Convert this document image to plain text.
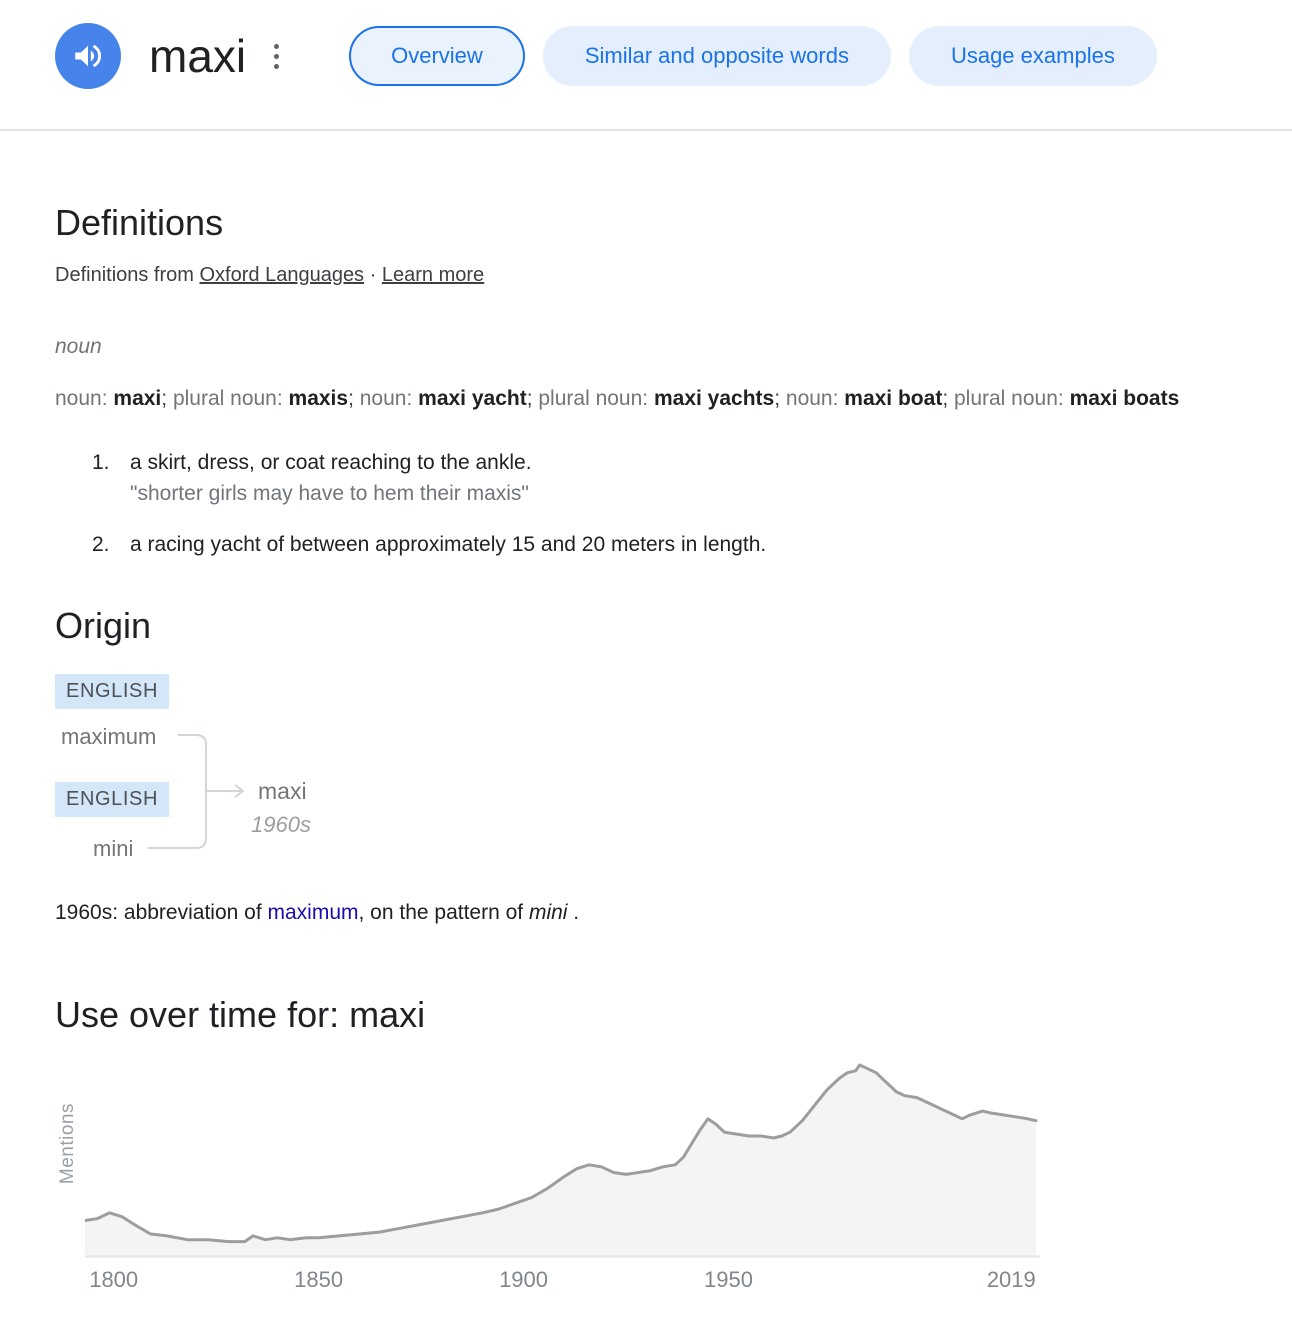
maxi	Overview	Similar and opposite words	Usage examples
Definitions
Definitions from Oxford Languages · Learn more
noun
noun: maxi; plural noun: maxis; noun: maxi yacht; plural noun: maxi yachts; noun: maxi boat; plural noun: maxi boats
1. a skirt, dress, or coat reaching to the ankle.
"shorter girls may have to hem their maxis"
2. a racing yacht of between approximately 15 and 20 meters in length.
Origin
ENGLISH
maximum
ENGLISH
mini
maxi
1960s
1960s: abbreviation of maximum, on the pattern of mini .
Use over time for: maxi
Mentions
1800	1850	1900	1950	2019
